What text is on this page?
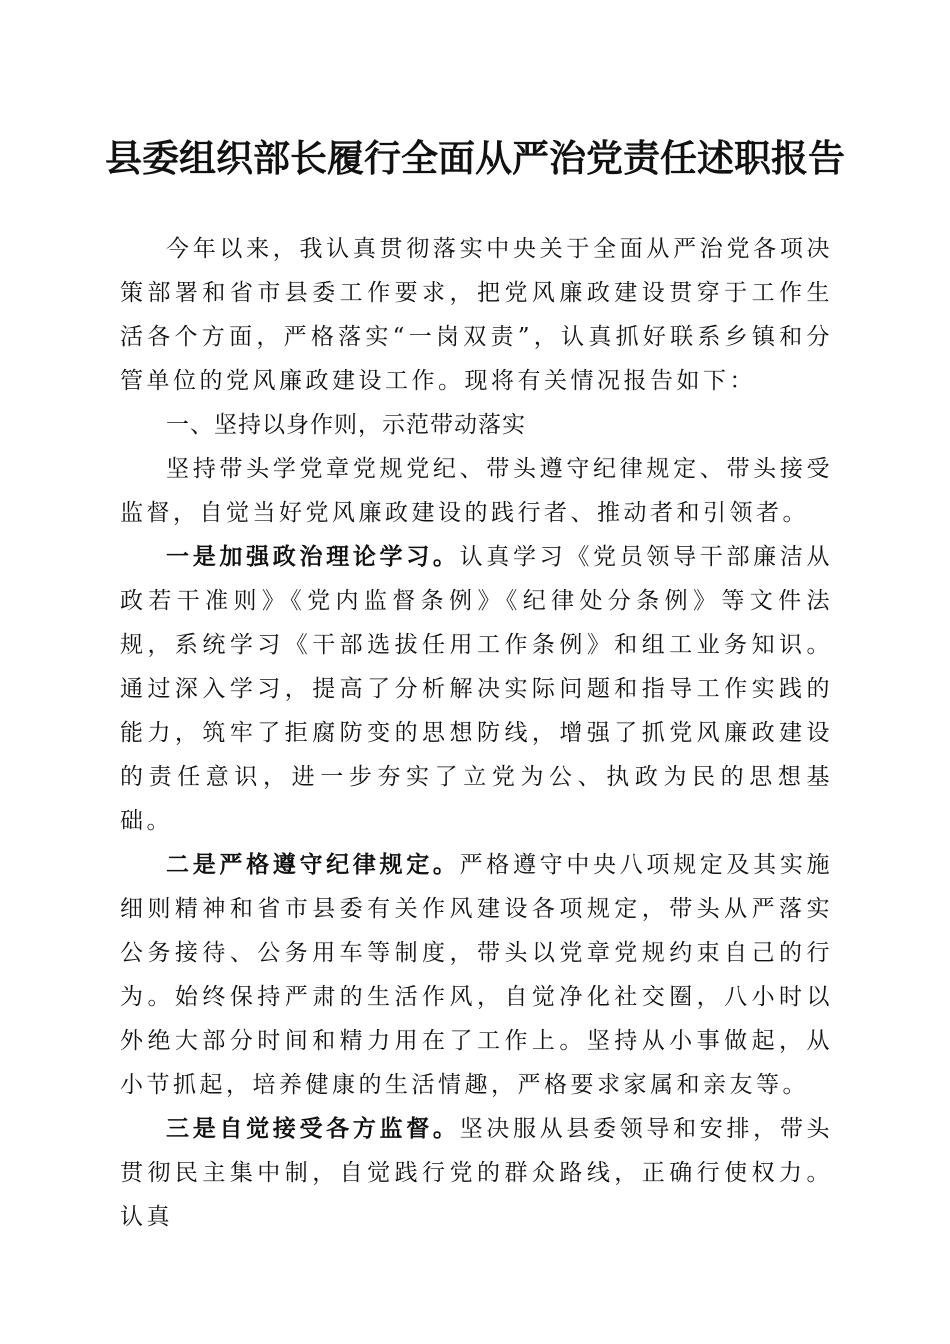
县委组织部长履行全面从严治党责任述职报告

今年以来，我认真贯彻落实中央关于全面从严治党各项决策部署和省市县委工作要求，把党风廉政建设贯穿于工作生活各个方面，严格落实“一岗双责”，认真抓好联系乡镇和分管单位的党风廉政建设工作。现将有关情况报告如下：

一、坚持以身作则，示范带动落实

坚持带头学党章党规党纪、带头遵守纪律规定、带头接受监督，自觉当好党风廉政建设的践行者、推动者和引领者。

一是加强政治理论学习。认真学习《党员领导干部廉洁从政若干准则》《党内监督条例》《纪律处分条例》等文件法规，系统学习《干部选拔任用工作条例》和组工业务知识。通过深入学习，提高了分析解决实际问题和指导工作实践的能力，筑牢了拒腐防变的思想防线，增强了抓党风廉政建设的责任意识，进一步夯实了立党为公、执政为民的思想基础。

二是严格遵守纪律规定。严格遵守中央八项规定及其实施细则精神和省市县委有关作风建设各项规定，带头从严落实公务接待、公务用车等制度，带头以党章党规约束自己的行为。始终保持严肃的生活作风，自觉净化社交圈，八小时以外绝大部分时间和精力用在了工作上。坚持从小事做起，从小节抓起，培养健康的生活情趣，严格要求家属和亲友等。

三是自觉接受各方监督。坚决服从县委领导和安排，带头贯彻民主集中制，自觉践行党的群众路线，正确行使权力。认真
